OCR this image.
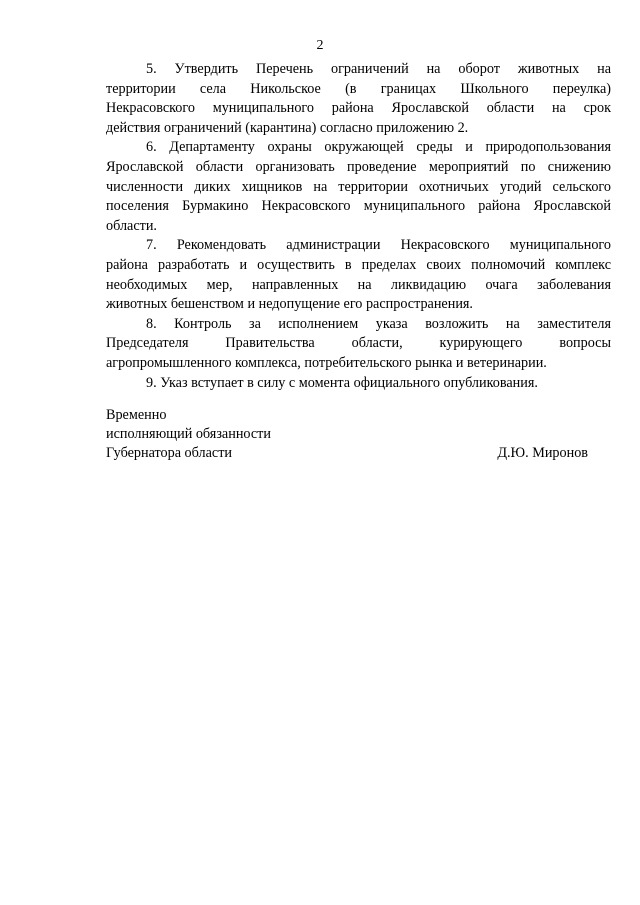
2

5. Утвердить Перечень ограничений на оборот животных на
территории села Никольское (в границах Школьного переулка)
Некрасовского муниципального района Ярославской области на срок
действия ограничений (карантина) согласно приложению 2.

6. Департаменту охраны окружающей среды и природопользования
Ярославской области организовать проведение мероприятий по снижению
численности диких хищников на территории охотничьих угодий сельского
поселения Бурмакино Некрасовского муниципального района Ярославской
области.

7. Рекомендовать администрации Некрасовского муниципального
района разработать и осуществить в пределах своих полномочий комплекс
необходимых мер, направленных на ликвидацию очага заболевания
животных бешенством и недопущение его распространения.

8. Контроль за исполнением указа возложить на заместителя
Председателя Правительства области, курирующего вопросы
агропромышленного комплекса, потребительского рынка и ветеринарии.

9. Указ вступает в силу с момента официального опубликования.

Временно
исполняющий обязанности
Губернатора области	Д.Ю. Миронов
